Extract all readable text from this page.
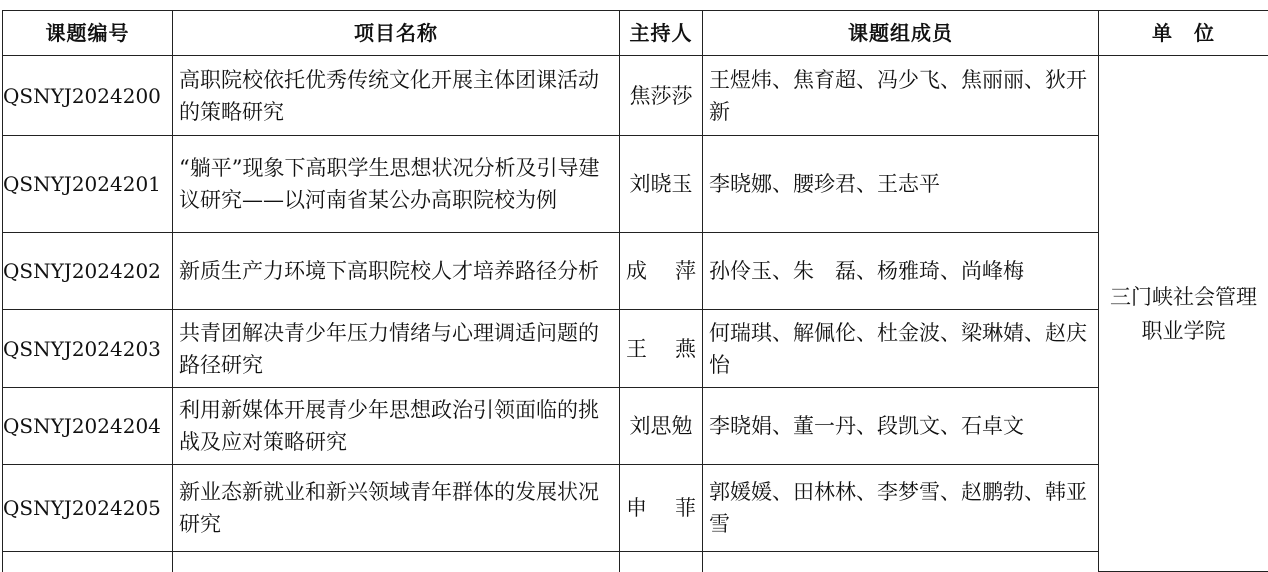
课题编号	项目名称	主持人	课题组成员	单　位
QSNYJ2024200	高职院校依托优秀传统文化开展主体团课活动的策略研究	焦莎莎	王煜炜、焦育超、冯少飞、焦丽丽、狄开新	三门峡社会管理职业学院
QSNYJ2024201	“躺平”现象下高职学生思想状况分析及引导建议研究——以河南省某公办高职院校为例	刘晓玉	李晓娜、腰珍君、王志平	
QSNYJ2024202	新质生产力环境下高职院校人才培养路径分析	成 萍	孙伶玉、朱　磊、杨雅琦、尚峰梅	
QSNYJ2024203	共青团解决青少年压力情绪与心理调适问题的路径研究	王 燕	何瑞琪、解佩伦、杜金波、梁琳婧、赵庆怡	
QSNYJ2024204	利用新媒体开展青少年思想政治引领面临的挑战及应对策略研究	刘思勉	李晓娟、董一丹、段凯文、石卓文	
QSNYJ2024205	新业态新就业和新兴领域青年群体的发展状况研究	申 菲	郭媛媛、田林林、李梦雪、赵鹏勃、韩亚雪	
